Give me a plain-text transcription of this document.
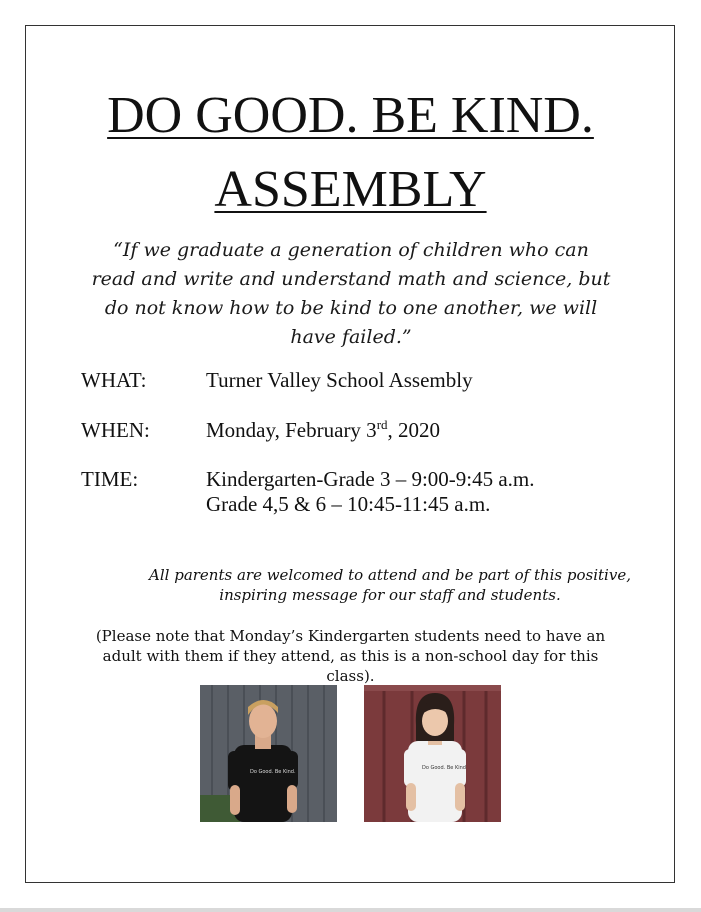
DO GOOD. BE KIND.
ASSEMBLY
“If we graduate a generation of children who can read and write and understand math and science, but do not know how to be kind to one another, we will have failed.”
WHAT:	Turner Valley School Assembly
WHEN:	Monday, February 3rd, 2020
TIME:	Kindergarten-Grade 3 – 9:00-9:45 a.m.
Grade 4,5 & 6 – 10:45-11:45 a.m.
All parents are welcomed to attend and be part of this positive, inspiring message for our staff and students.
(Please note that Monday’s Kindergarten students need to have an adult with them if they attend, as this is a non-school day for this class).
Do Good. Be Kind.
Do Good. Be Kind
